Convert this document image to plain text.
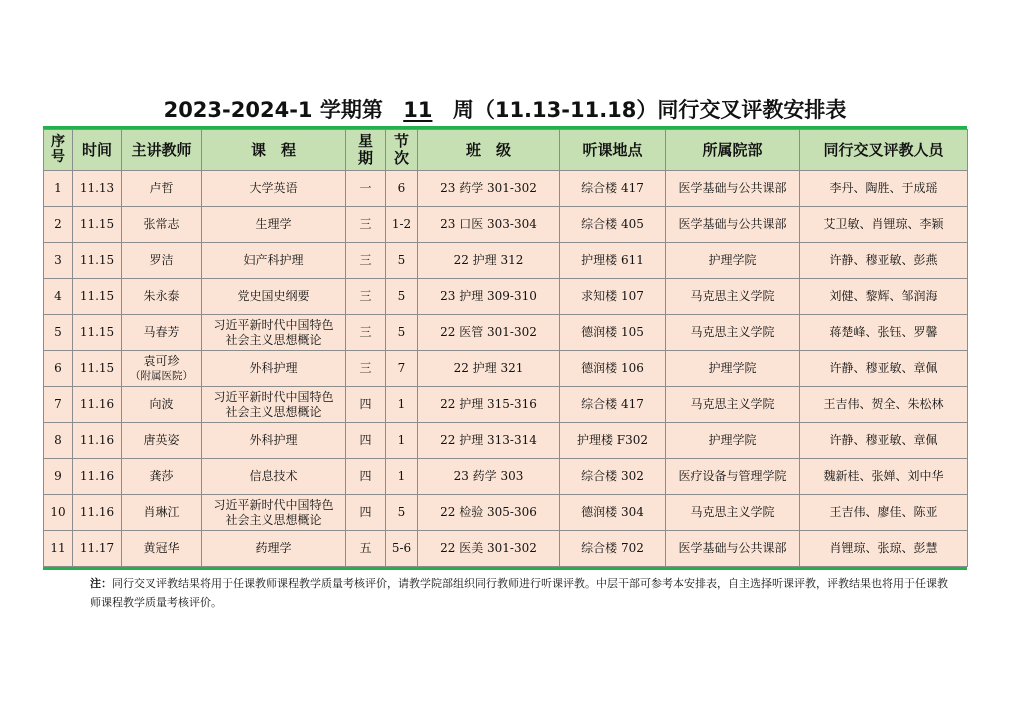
2023-2024-1 学期第 11 周（11.13-11.18）同行交叉评教安排表
序号	时间	主讲教师	课　程	星期	节次	班　级	听课地点	所属院部	同行交叉评教人员

1	11.13	卢哲	大学英语	一	6	23 药学 301-302	综合楼 417	医学基础与公共课部	李丹、陶胜、于成瑶

2	11.15	张常志	生理学	三	1-2	23 口医 303-304	综合楼 405	医学基础与公共课部	艾卫敏、肖锂琼、李颖

3	11.15	罗洁	妇产科护理	三	5	22 护理 312	护理楼 611	护理学院	许静、穆亚敏、彭燕

4	11.15	朱永泰	党史国史纲要	三	5	23 护理 309-310	求知楼 107	马克思主义学院	刘健、黎辉、邹润海

5	11.15	马春芳	习近平新时代中国特色
社会主义思想概论	三	5	22 医管 301-302	德润楼 105	马克思主义学院	蒋楚峰、张钰、罗馨

6	11.15	袁可珍
（附属医院）	外科护理	三	7	22 护理 321	德润楼 106	护理学院	许静、穆亚敏、章佩

7	11.16	向波	习近平新时代中国特色
社会主义思想概论	四	1	22 护理 315-316	综合楼 417	马克思主义学院	王吉伟、贺全、朱松林

8	11.16	唐英姿	外科护理	四	1	22 护理 313-314	护理楼 F302	护理学院	许静、穆亚敏、章佩

9	11.16	龚莎	信息技术	四	1	23 药学 303	综合楼 302	医疗设备与管理学院	魏新桂、张婵、刘中华

10	11.16	肖琳江	习近平新时代中国特色
社会主义思想概论	四	5	22 检验 305-306	德润楼 304	马克思主义学院	王吉伟、廖佳、陈亚

11	11.17	黄冠华	药理学	五	5-6	22 医美 301-302	综合楼 702	医学基础与公共课部	肖锂琼、张琼、彭慧
注：同行交叉评教结果将用于任课教师课程教学质量考核评价，请教学院部组织同行教师进行听课评教。中层干部可参考本安排表，自主选择听课评教，评教结果也将用于任课教师课程教学质量考核评价。
